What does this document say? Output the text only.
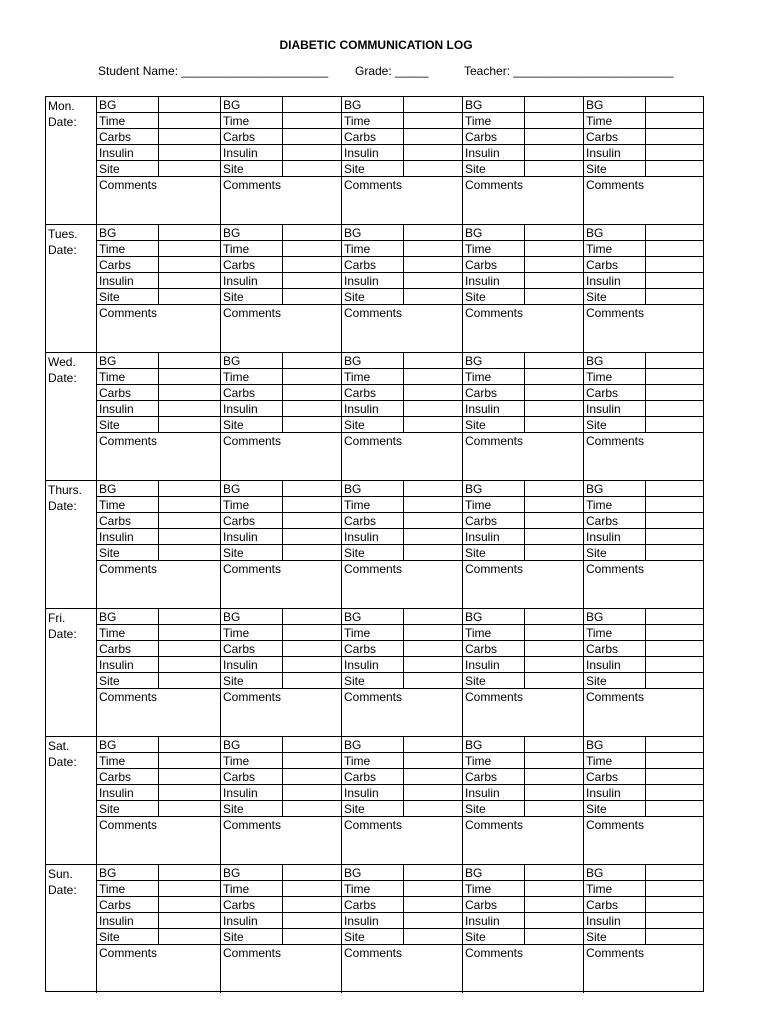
DIABETIC COMMUNICATION LOG
Student Name: ______________________ Grade: _____	Teacher: ________________________
Mon.
Date:
BG
Time
Carbs
Insulin
Site
Comments
BG
Time
Carbs
Insulin
Site
Comments
BG
Time
Carbs
Insulin
Site
Comments
BG
Time
Carbs
Insulin
Site
Comments
BG
Time
Carbs
Insulin
Site
Comments
Tues.
Date:
BG
Time
Carbs
Insulin
Site
Comments
BG
Time
Carbs
Insulin
Site
Comments
BG
Time
Carbs
Insulin
Site
Comments
BG
Time
Carbs
Insulin
Site
Comments
BG
Time
Carbs
Insulin
Site
Comments
Wed.
Date:
BG
Time
Carbs
Insulin
Site
Comments
BG
Time
Carbs
Insulin
Site
Comments
BG
Time
Carbs
Insulin
Site
Comments
BG
Time
Carbs
Insulin
Site
Comments
BG
Time
Carbs
Insulin
Site
Comments
Thurs.
Date:
BG
Time
Carbs
Insulin
Site
Comments
BG
Time
Carbs
Insulin
Site
Comments
BG
Time
Carbs
Insulin
Site
Comments
BG
Time
Carbs
Insulin
Site
Comments
BG
Time
Carbs
Insulin
Site
Comments
Fri.
Date:
BG
Time
Carbs
Insulin
Site
Comments
BG
Time
Carbs
Insulin
Site
Comments
BG
Time
Carbs
Insulin
Site
Comments
BG
Time
Carbs
Insulin
Site
Comments
BG
Time
Carbs
Insulin
Site
Comments
Sat.
Date:
BG
Time
Carbs
Insulin
Site
Comments
BG
Time
Carbs
Insulin
Site
Comments
BG
Time
Carbs
Insulin
Site
Comments
BG
Time
Carbs
Insulin
Site
Comments
BG
Time
Carbs
Insulin
Site
Comments
Sun.
Date:
BG
Time
Carbs
Insulin
Site
Comments
BG
Time
Carbs
Insulin
Site
Comments
BG
Time
Carbs
Insulin
Site
Comments
BG
Time
Carbs
Insulin
Site
Comments
BG
Time
Carbs
Insulin
Site
Comments
